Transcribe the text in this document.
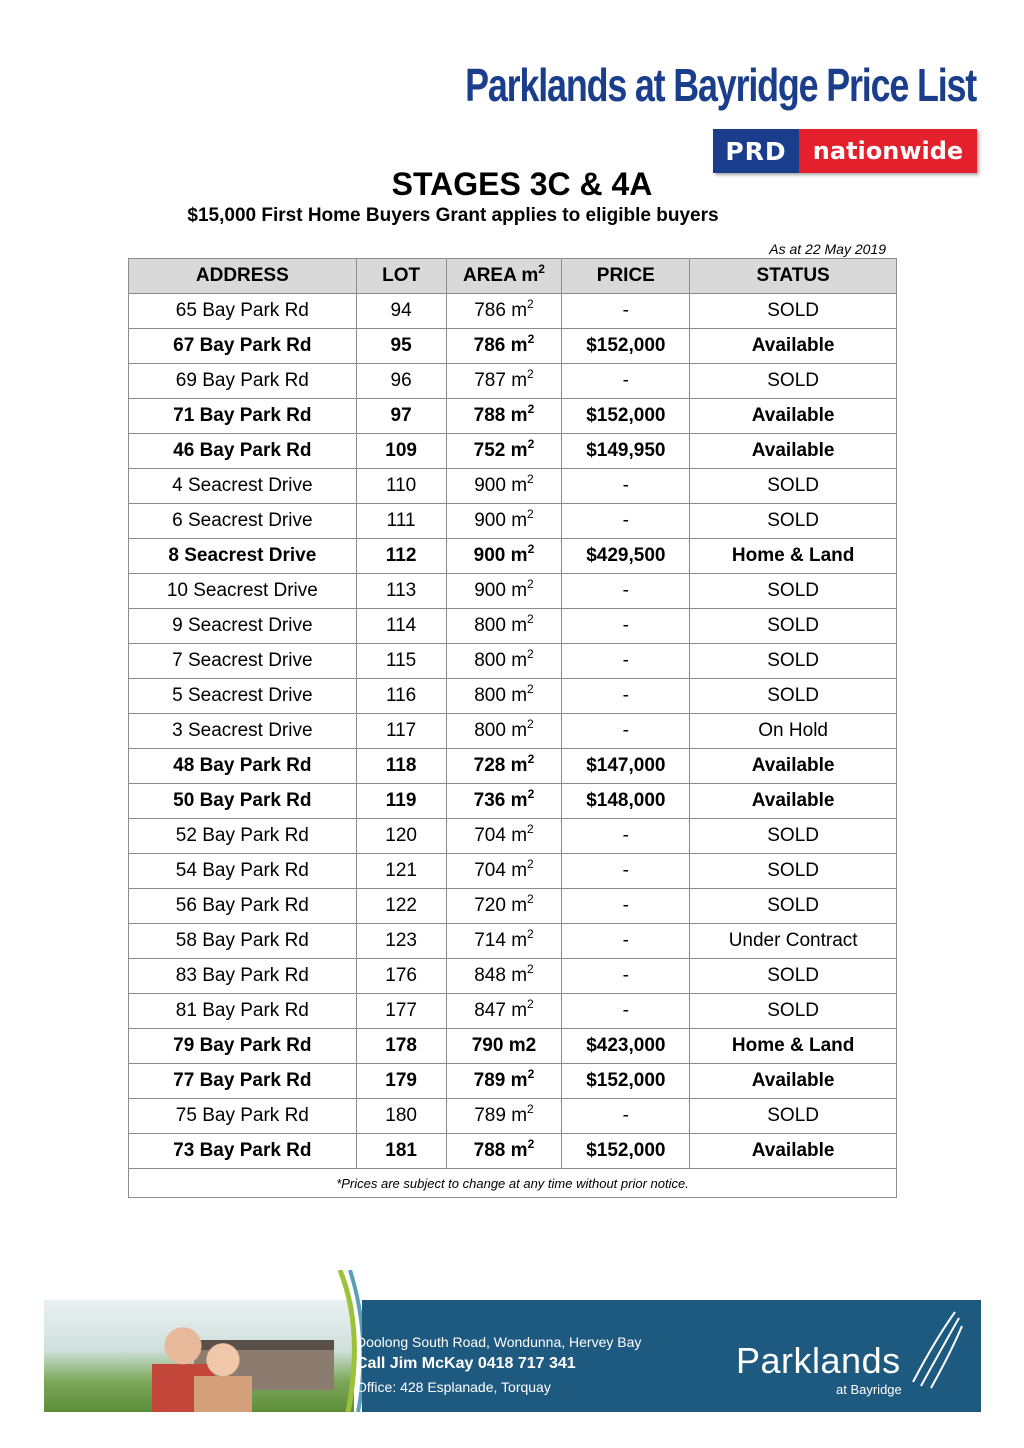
Parklands at Bayridge Price List
PRD	nationwide
STAGES 3C & 4A
$15,000 First Home Buyers Grant applies to eligible buyers
As at 22 May 2019
ADDRESS	LOT	AREA $m^2$	PRICE	STATUS
65 Bay Park Rd	94	786 $m^2$	-	SOLD
67 Bay Park Rd	95	786 $m^2$	$152,000	Available
69 Bay Park Rd	96	787 $m^2$	-	SOLD
71 Bay Park Rd	97	788 $m^2$	$152,000	Available
46 Bay Park Rd	109	752 $m^2$	$149,950	Available
4 Seacrest Drive	110	900 $m^2$	-	SOLD
6 Seacrest Drive	111	900 $m^2$	-	SOLD
8 Seacrest Drive	112	900 $m^2$	$429,500	Home & Land
10 Seacrest Drive	113	900 $m^2$	-	SOLD
9 Seacrest Drive	114	800 $m^2$	-	SOLD
7 Seacrest Drive	115	800 $m^2$	-	SOLD
5 Seacrest Drive	116	800 $m^2$	-	SOLD
3 Seacrest Drive	117	800 $m^2$	-	On Hold
48 Bay Park Rd	118	728 $m^2$	$147,000	Available
50 Bay Park Rd	119	736 $m^2$	$148,000	Available
52 Bay Park Rd	120	704 $m^2$	-	SOLD
54 Bay Park Rd	121	704 $m^2$	-	SOLD
56 Bay Park Rd	122	720 $m^2$	-	SOLD
58 Bay Park Rd	123	714 $m^2$	-	Under Contract
83 Bay Park Rd	176	848 $m^2$	-	SOLD
81 Bay Park Rd	177	847 $m^2$	-	SOLD
79 Bay Park Rd	178	790 m2	$423,000	Home & Land
77 Bay Park Rd	179	789 $m^2$	$152,000	Available
75 Bay Park Rd	180	789 $m^2$	-	SOLD
73 Bay Park Rd	181	788 $m^2$	$152,000	Available
*Prices are subject to change at any time without prior notice.				
Doolong South Road, Wondunna, Hervey Bay
Call Jim McKay 0418 717 341
Office: 428 Esplanade, Torquay
Parklands
at Bayridge
